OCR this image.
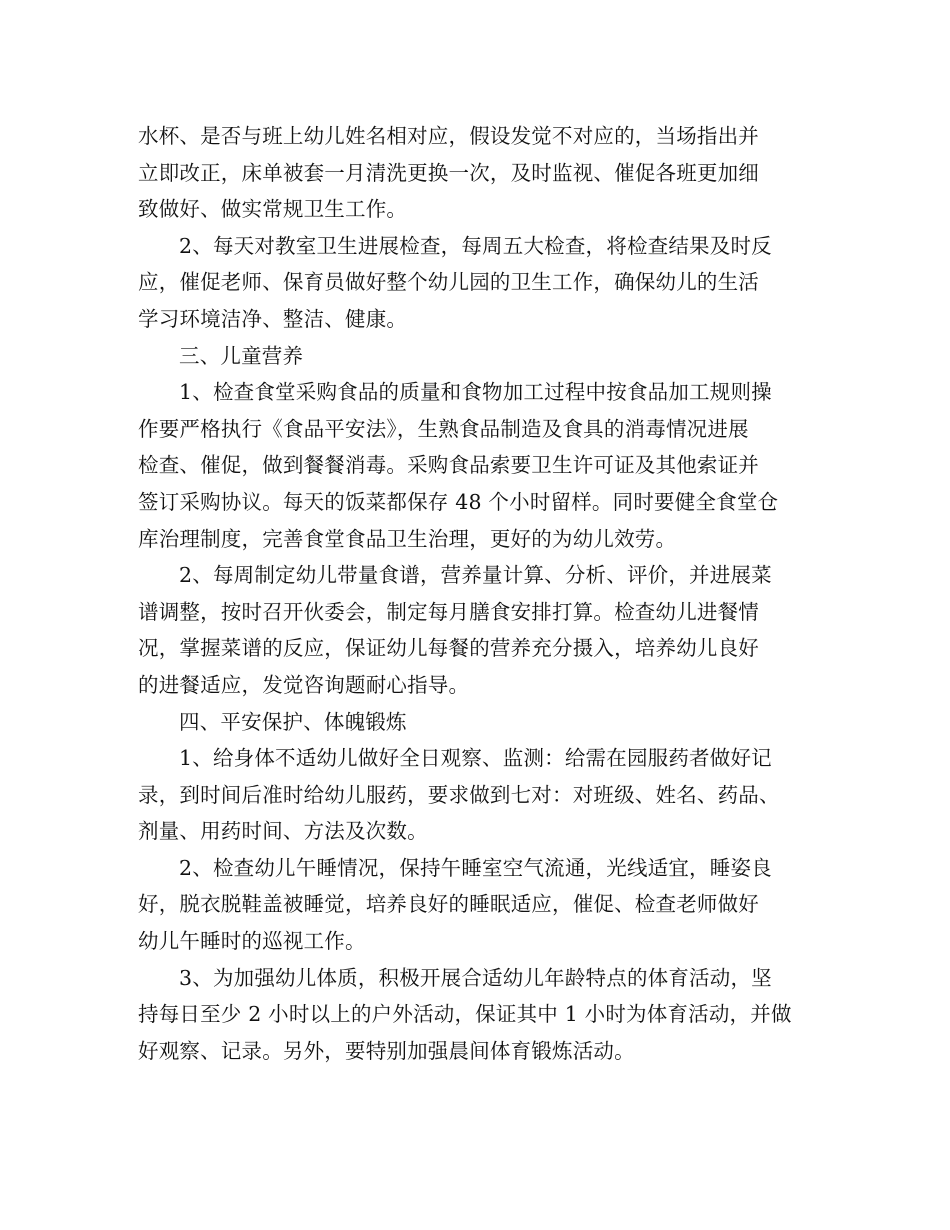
水杯、是否与班上幼儿姓名相对应，假设发觉不对应的，当场指出并
立即改正，床单被套一月清洗更换一次，及时监视、催促各班更加细
致做好、做实常规卫生工作。
2、每天对教室卫生进展检查，每周五大检查，将检查结果及时反
应，催促老师、保育员做好整个幼儿园的卫生工作，确保幼儿的生活
学习环境洁净、整洁、健康。
三、儿童营养
1、检查食堂采购食品的质量和食物加工过程中按食品加工规则操
作要严格执行《食品平安法》，生熟食品制造及食具的消毒情况进展
检查、催促，做到餐餐消毒。采购食品索要卫生许可证及其他索证并
签订采购协议。每天的饭菜都保存 48 个小时留样。同时要健全食堂仓
库治理制度，完善食堂食品卫生治理，更好的为幼儿效劳。
2、每周制定幼儿带量食谱，营养量计算、分析、评价，并进展菜
谱调整，按时召开伙委会，制定每月膳食安排打算。检查幼儿进餐情
况，掌握菜谱的反应，保证幼儿每餐的营养充分摄入，培养幼儿良好
的进餐适应，发觉咨询题耐心指导。
四、平安保护、体魄锻炼
1、给身体不适幼儿做好全日观察、监测：给需在园服药者做好记
录，到时间后准时给幼儿服药，要求做到七对：对班级、姓名、药品、
剂量、用药时间、方法及次数。
2、检查幼儿午睡情况，保持午睡室空气流通，光线适宜，睡姿良
好，脱衣脱鞋盖被睡觉，培养良好的睡眠适应，催促、检查老师做好
幼儿午睡时的巡视工作。
3、为加强幼儿体质，积极开展合适幼儿年龄特点的体育活动，坚
持每日至少 2 小时以上的户外活动，保证其中 1 小时为体育活动，并做
好观察、记录。另外，要特别加强晨间体育锻炼活动。
